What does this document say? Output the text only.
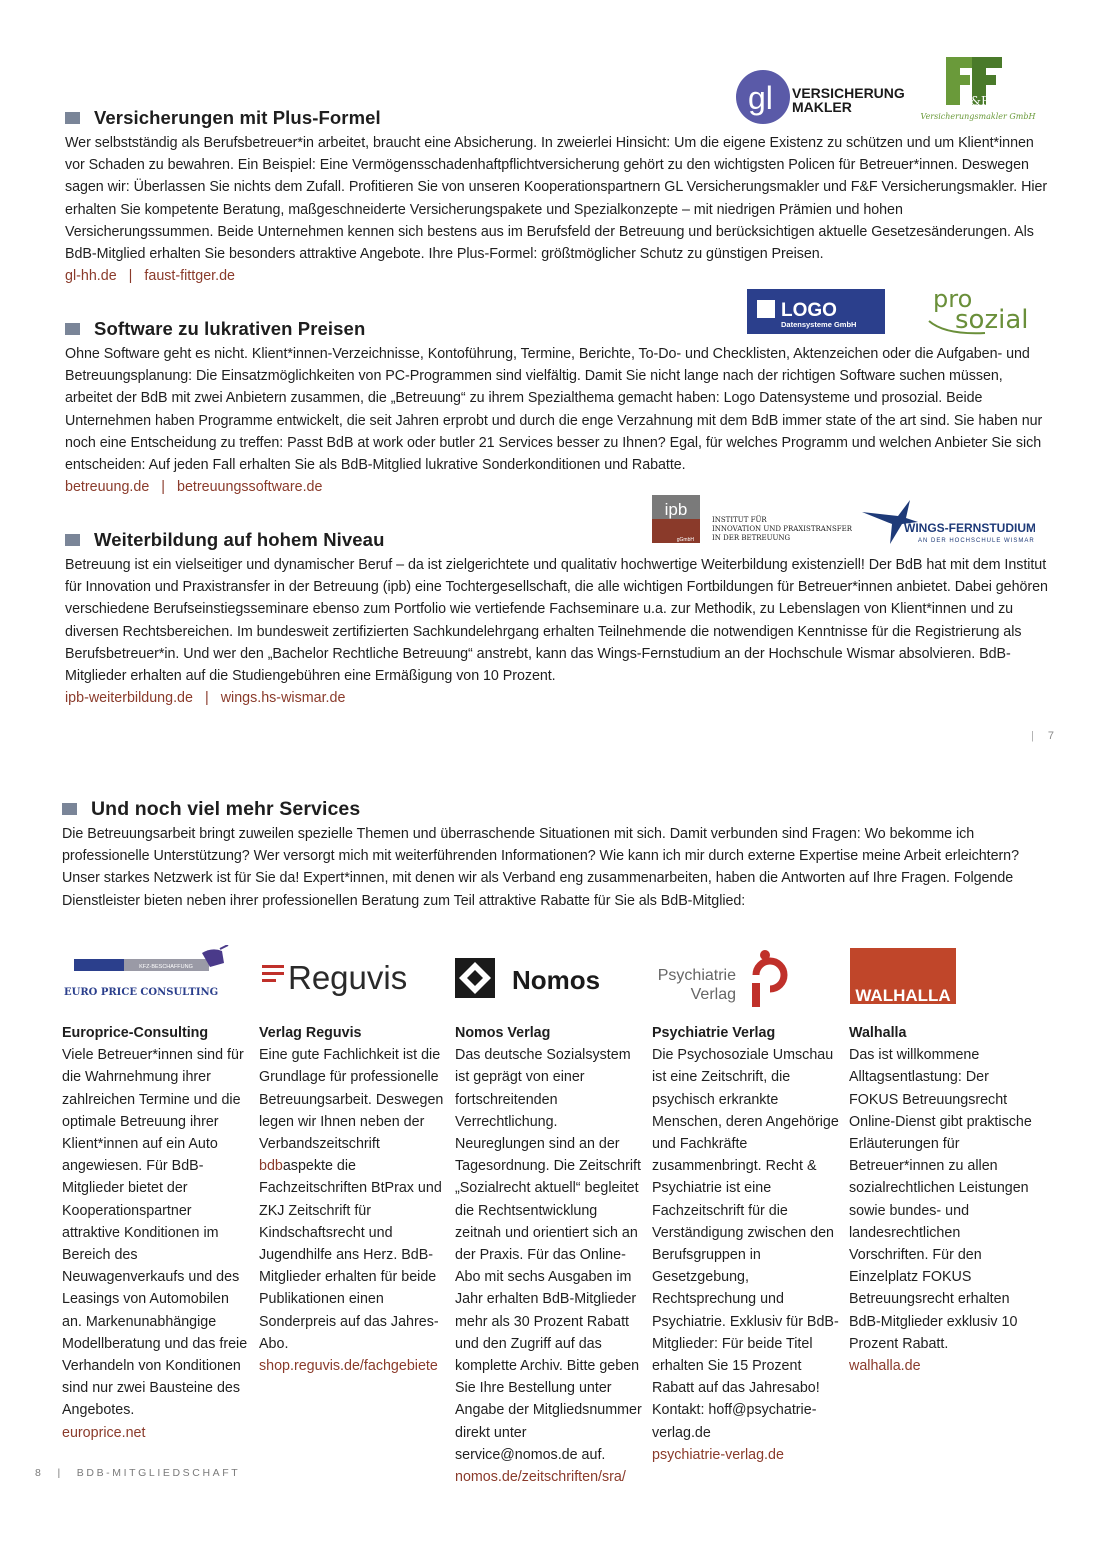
gl VERSICHERUNGS
MAKLER	F&F
Versicherungsmakler GmbH
Versicherungen mit Plus-Formel
Wer selbstständig als Berufsbetreuer*in arbeitet, braucht eine Absicherung. In zweierlei Hinsicht: Um die eigene Existenz zu schützen und um Klient*innen vor Schaden zu bewahren. Ein Beispiel: Eine Vermögensschadenhaftpflichtversicherung gehört zu den wichtigsten Policen für Betreuer*innen. Deswegen sagen wir: Überlassen Sie nichts dem Zufall. Profitieren Sie von unseren Kooperationspartnern GL Versicherungsmakler und F&F Versicherungsmakler. Hier erhalten Sie kompetente Beratung, maßgeschneiderte Versicherungspakete und Spezialkonzepte – mit niedrigen Prämien und hohen Versicherungssummen. Beide Unternehmen kennen sich bestens aus im Berufsfeld der Betreuung und berücksichtigen aktuelle Gesetzesänderungen. Als BdB-Mitglied erhalten Sie besonders attraktive Angebote. Ihre Plus-Formel: größtmöglicher Schutz zu günstigen Preisen.
gl-hh.de | faust-fittger.de
LOGO
Datensysteme GmbH
pro
sozial
Software zu lukrativen Preisen
Ohne Software geht es nicht. Klient*innen-Verzeichnisse, Kontoführung, Termine, Berichte, To-Do- und Checklisten, Aktenzeichen oder die Aufgaben- und Betreuungsplanung: Die Einsatzmöglichkeiten von PC-Programmen sind vielfältig. Damit Sie nicht lange nach der richtigen Software suchen müssen, arbeitet der BdB mit zwei Anbietern zusammen, die „Betreuung“ zu ihrem Spezialthema gemacht haben: Logo Datensysteme und prosozial. Beide Unternehmen haben Programme entwickelt, die seit Jahren erprobt und durch die enge Verzahnung mit dem BdB immer state of the art sind. Sie haben nur noch eine Entscheidung zu treffen: Passt BdB at work oder butler 21 Services besser zu Ihnen? Egal, für welches Programm und welchen Anbieter Sie sich entscheiden: Auf jeden Fall erhalten Sie als BdB-Mitglied lukrative Sonderkonditionen und Rabatte.
betreuung.de | betreuungssoftware.de
ipb
gGmbH
INSTITUT FÜR
INNOVATION UND PRAXISTRANSFER
IN DER BETREUUNG
WINGS-FERNSTUDIUM
AN DER HOCHSCHULE WISMAR
Weiterbildung auf hohem Niveau
Betreuung ist ein vielseitiger und dynamischer Beruf – da ist zielgerichtete und qualitativ hochwertige Weiterbildung existenziell! Der BdB hat mit dem Institut für Innovation und Praxistransfer in der Betreuung (ipb) eine Tochtergesellschaft, die alle wichtigen Fortbildungen für Betreuer*innen anbietet. Dabei gehören verschiedene Berufseinstiegsseminare ebenso zum Portfolio wie vertiefende Fachseminare u.a. zur Methodik, zu Lebenslagen von Klient*innen und zu diversen Rechtsbereichen. Im bundesweit zertifizierten Sachkundelehrgang erhalten Teilnehmende die notwendigen Kenntnisse für die Registrierung als Berufsbetreuer*in. Und wer den „Bachelor Rechtliche Betreuung“ anstrebt, kann das Wings-Fernstudium an der Hochschule Wismar absolvieren. BdB-Mitglieder erhalten auf die Studiengebühren eine Ermäßigung von 10 Prozent.
ipb-weiterbildung.de | wings.hs-wismar.de
| 7
Und noch viel mehr Services
Die Betreuungsarbeit bringt zuweilen spezielle Themen und überraschende Situationen mit sich. Damit verbunden sind Fragen: Wo bekomme ich professionelle Unterstützung? Wer versorgt mich mit weiterführenden Informationen? Wie kann ich mir durch externe Expertise meine Arbeit erleichtern? Unser starkes Netzwerk ist für Sie da! Expert*innen, mit denen wir als Verband eng zusammenarbeiten, haben die Antworten auf Ihre Fragen. Folgende Dienstleister bieten neben ihrer professionellen Beratung zum Teil attraktive Rabatte für Sie als BdB-Mitglied:
KFZ-BESCHAFFUNG
EURO PRICE CONSULTING Reguvis	Nomos	Psychiatrie
Verlag	WALHALLA
Europrice-Consulting
Viele Betreuer*innen sind für die Wahrnehmung ihrer zahlreichen Termine und die optimale Betreuung ihrer Klient*innen auf ein Auto angewiesen. Für BdB-Mitglieder bietet der Kooperationspartner attraktive Konditionen im Bereich des Neuwagenverkaufs und des Leasings von Automobilen an. Markenunabhängige Modellberatung und das freie Verhandeln von Konditionen sind nur zwei Bausteine des Angebotes.
europrice.net
Verlag Reguvis
Eine gute Fachlichkeit ist die Grundlage für professionelle Betreuungsarbeit. Deswegen legen wir Ihnen neben der Verbandszeitschrift bdbaspekte die Fachzeitschriften BtPrax und ZKJ Zeitschrift für Kindschaftsrecht und Jugendhilfe ans Herz. BdB-Mitglieder erhalten für beide Publikationen einen Sonderpreis auf das Jahres-Abo.
shop.reguvis.de/fachgebiete
Nomos Verlag
Das deutsche Sozialsystem ist geprägt von einer fortschreitenden Verrechtlichung. Neureglungen sind an der Tagesordnung. Die Zeitschrift „Sozialrecht aktuell“ begleitet die Rechtsentwicklung zeitnah und orientiert sich an der Praxis. Für das Online-Abo mit sechs Ausgaben im Jahr erhalten BdB-Mitglieder mehr als 30 Prozent Rabatt und den Zugriff auf das komplette Archiv. Bitte geben Sie Ihre Bestellung unter Angabe der Mitgliedsnummer direkt unter service@nomos.de auf.
nomos.de/zeitschriften/sra/
Psychiatrie Verlag
Die Psychosoziale Umschau ist eine Zeitschrift, die psychisch erkrankte Menschen, deren Angehörige und Fachkräfte zusammenbringt. Recht & Psychiatrie ist eine Fachzeitschrift für die Verständigung zwischen den Berufsgruppen in Gesetzgebung, Rechtsprechung und Psychiatrie. Exklusiv für BdB-Mitglieder: Für beide Titel erhalten Sie 15 Prozent Rabatt auf das Jahresabo! Kontakt: hoff@psychatrie-verlag.de
psychiatrie-verlag.de
Walhalla
Das ist willkommene Alltagsentlastung: Der FOKUS Betreuungsrecht Online-Dienst gibt praktische Erläuterungen für Betreuer*innen zu allen sozialrechtlichen Leistungen sowie bundes- und landesrechtlichen Vorschriften. Für den Einzelplatz FOKUS Betreuungsrecht erhalten BdB-Mitglieder exklusiv 10 Prozent Rabatt.
walhalla.de
8 | BDB-MITGLIEDSCHAFT
